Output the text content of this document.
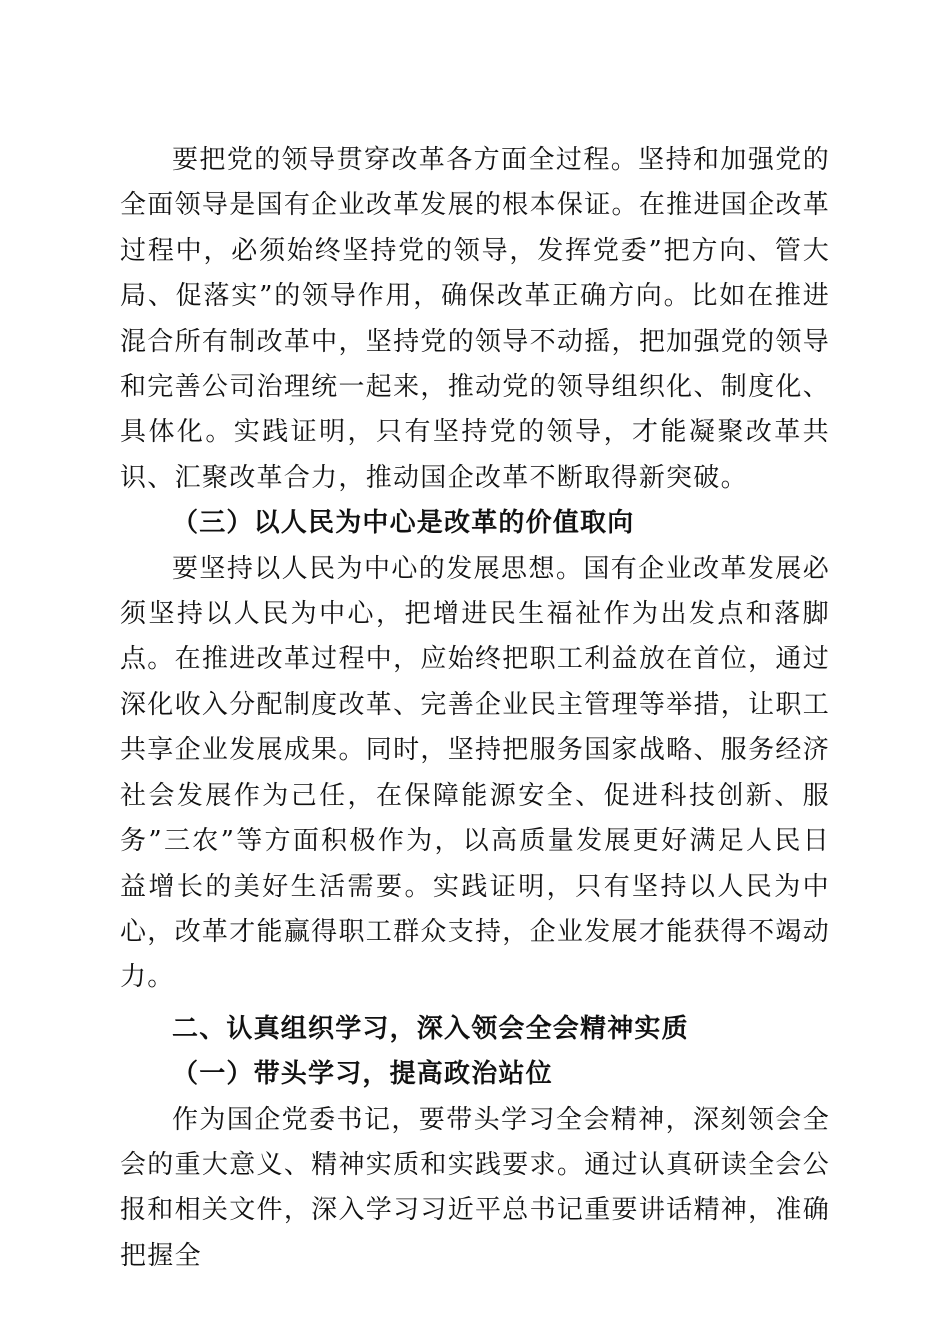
要把党的领导贯穿改革各方面全过程。坚持和加强党的全面领导是国有企业改革发展的根本保证。在推进国企改革过程中，必须始终坚持党的领导，发挥党委”把方向、管大局、促落实”的领导作用，确保改革正确方向。比如在推进混合所有制改革中，坚持党的领导不动摇，把加强党的领导和完善公司治理统一起来，推动党的领导组织化、制度化、具体化。实践证明，只有坚持党的领导，才能凝聚改革共识、汇聚改革合力，推动国企改革不断取得新突破。

（三）以人民为中心是改革的价值取向

要坚持以人民为中心的发展思想。国有企业改革发展必须坚持以人民为中心，把增进民生福祉作为出发点和落脚点。在推进改革过程中，应始终把职工利益放在首位，通过深化收入分配制度改革、完善企业民主管理等举措，让职工共享企业发展成果。同时，坚持把服务国家战略、服务经济社会发展作为己任，在保障能源安全、促进科技创新、服务”三农”等方面积极作为，以高质量发展更好满足人民日益增长的美好生活需要。实践证明，只有坚持以人民为中心，改革才能赢得职工群众支持，企业发展才能获得不竭动力。

二、认真组织学习，深入领会全会精神实质

（一）带头学习，提高政治站位

作为国企党委书记，要带头学习全会精神，深刻领会全会的重大意义、精神实质和实践要求。通过认真研读全会公报和相关文件，深入学习习近平总书记重要讲话精神，准确把握全
